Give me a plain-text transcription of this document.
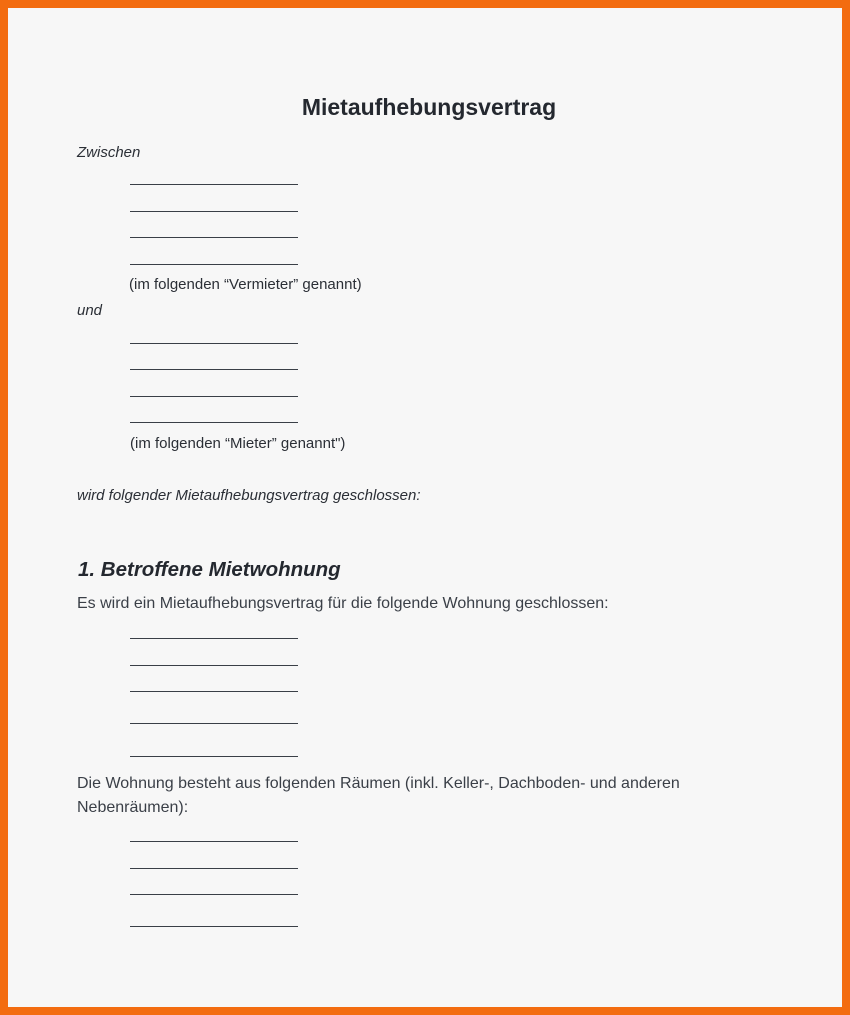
Mietaufhebungsvertrag
Zwischen
(im folgenden “Vermieter” genannt)
und
(im folgenden “Mieter” genannt")
wird folgender Mietaufhebungsvertrag geschlossen:
1. Betroffene Mietwohnung
Es wird ein Mietaufhebungsvertrag für die folgende Wohnung geschlossen:
Die Wohnung besteht aus folgenden Räumen (inkl. Keller-, Dachboden- und anderen
Nebenräumen):
